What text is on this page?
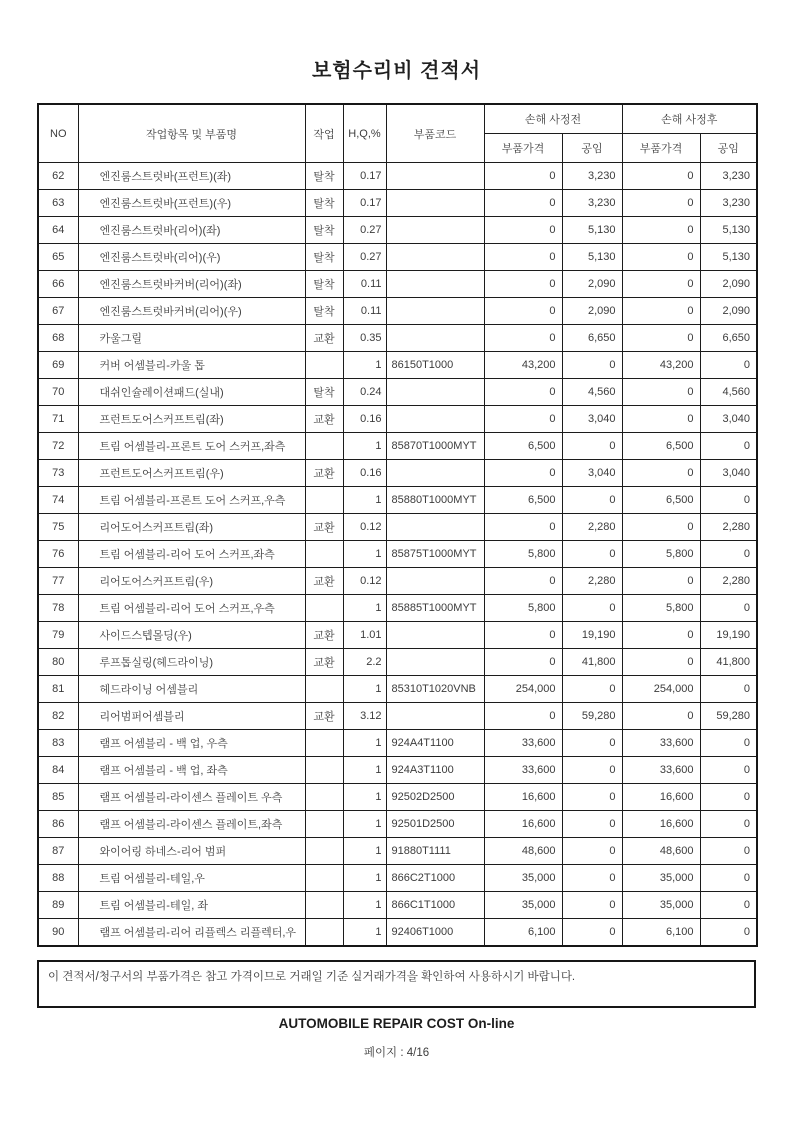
보험수리비 견적서
NO	작업항목 및 부품명	작업	H,Q,%	부품코드	손해 사정전		손해 사정후	
					부품가격	공임	부품가격	공임
62	엔진룸스트럿바(프런트)(좌)	탈착	0.17		0	3,230	0	3,230
63	엔진룸스트럿바(프런트)(우)	탈착	0.17		0	3,230	0	3,230
64	엔진룸스트럿바(리어)(좌)	탈착	0.27		0	5,130	0	5,130
65	엔진룸스트럿바(리어)(우)	탈착	0.27		0	5,130	0	5,130
66	엔진룸스트럿바커버(리어)(좌)	탈착	0.11		0	2,090	0	2,090
67	엔진룸스트럿바커버(리어)(우)	탈착	0.11		0	2,090	0	2,090
68	카울그릴	교환	0.35		0	6,650	0	6,650
69	커버 어셈블리-카울 톱		1	86150T1000	43,200	0	43,200	0
70	대쉬인슐레이션패드(실내)	탈착	0.24		0	4,560	0	4,560
71	프런트도어스커프트림(좌)	교환	0.16		0	3,040	0	3,040
72	트림 어셈블리-프론트 도어 스커프,좌측		1	85870T1000MYT	6,500	0	6,500	0
73	프런트도어스커프트림(우)	교환	0.16		0	3,040	0	3,040
74	트림 어셈블리-프론트 도어 스커프,우측		1	85880T1000MYT	6,500	0	6,500	0
75	리어도어스커프트림(좌)	교환	0.12		0	2,280	0	2,280
76	트림 어셈블리-리어 도어 스커프,좌측		1	85875T1000MYT	5,800	0	5,800	0
77	리어도어스커프트림(우)	교환	0.12		0	2,280	0	2,280
78	트림 어셈블리-리어 도어 스커프,우측		1	85885T1000MYT	5,800	0	5,800	0
79	사이드스텝몰딩(우)	교환	1.01		0	19,190	0	19,190
80	루프톱실링(헤드라이닝)	교환	2.2		0	41,800	0	41,800
81	헤드라이닝 어셈블리		1	85310T1020VNB	254,000	0	254,000	0
82	리어범퍼어셈블리	교환	3.12		0	59,280	0	59,280
83	램프 어셈블리 - 백 업, 우측		1	924A4T1100	33,600	0	33,600	0
84	램프 어셈블리 - 백 업, 좌측		1	924A3T1100	33,600	0	33,600	0
85	램프 어셈블리-라이센스 플레이트 우측		1	92502D2500	16,600	0	16,600	0
86	램프 어셈블리-라이센스 플레이트,좌측		1	92501D2500	16,600	0	16,600	0
87	와이어링 하네스-리어 범퍼		1	91880T1111	48,600	0	48,600	0
88	트림 어셈블리-테일,우		1	866C2T1000	35,000	0	35,000	0
89	트림 어셈블리-테일, 좌		1	866C1T1000	35,000	0	35,000	0
90	램프 어셈블리-리어 리플렉스 리플렉터,우		1	92406T1000	6,100	0	6,100	0
이 견적서/청구서의 부품가격은 참고 가격이므로 거래일 기준 실거래가격을 확인하여 사용하시기 바랍니다.
AUTOMOBILE REPAIR COST On-line
페이지 : 4/16
